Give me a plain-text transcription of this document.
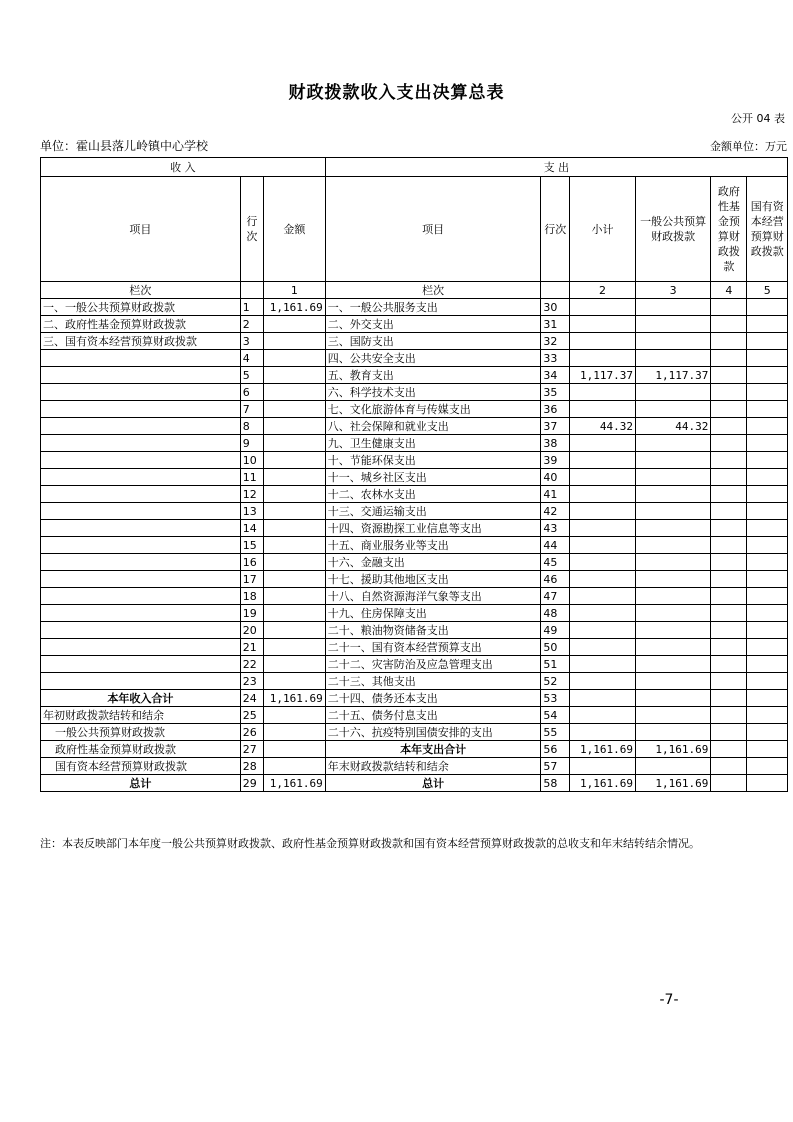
财政拨款收入支出决算总表
公开 04 表
单位：霍山县落儿岭镇中心学校	金额单位：万元
收 入			支 出					
项目	行次	金额	项目	行次	小计	一般公共预算财政拨款	政府性基金预算财政拨款	国有资本经营预算财政拨款
栏次		1	栏次		2	3	4	5
一、一般公共预算财政拨款	1	1,161.69	一、一般公共服务支出	30				
二、政府性基金预算财政拨款	2		二、外交支出	31				
三、国有资本经营预算财政拨款	3		三、国防支出	32				
	4		四、公共安全支出	33				
	5		五、教育支出	34	1,117.37	1,117.37		
	6		六、科学技术支出	35				
	7		七、文化旅游体育与传媒支出	36				
	8		八、社会保障和就业支出	37	44.32	44.32		
	9		九、卫生健康支出	38				
	10		十、节能环保支出	39				
	11		十一、城乡社区支出	40				
	12		十二、农林水支出	41				
	13		十三、交通运输支出	42				
	14		十四、资源勘探工业信息等支出	43				
	15		十五、商业服务业等支出	44				
	16		十六、金融支出	45				
	17		十七、援助其他地区支出	46				
	18		十八、自然资源海洋气象等支出	47				
	19		十九、住房保障支出	48				
	20		二十、粮油物资储备支出	49				
	21		二十一、国有资本经营预算支出	50				
	22		二十二、灾害防治及应急管理支出	51				
	23		二十三、其他支出	52				
本年收入合计	24	1,161.69	二十四、债务还本支出	53				
年初财政拨款结转和结余	25		二十五、债务付息支出	54				
一般公共预算财政拨款	26		二十六、抗疫特别国债安排的支出	55				
政府性基金预算财政拨款	27		本年支出合计	56	1,161.69	1,161.69		
国有资本经营预算财政拨款	28		年末财政拨款结转和结余	57				
总计	29	1,161.69	总计	58	1,161.69	1,161.69		
注：本表反映部门本年度一般公共预算财政拨款、政府性基金预算财政拨款和国有资本经营预算财政拨款的总收支和年末结转结余情况。
-7-
